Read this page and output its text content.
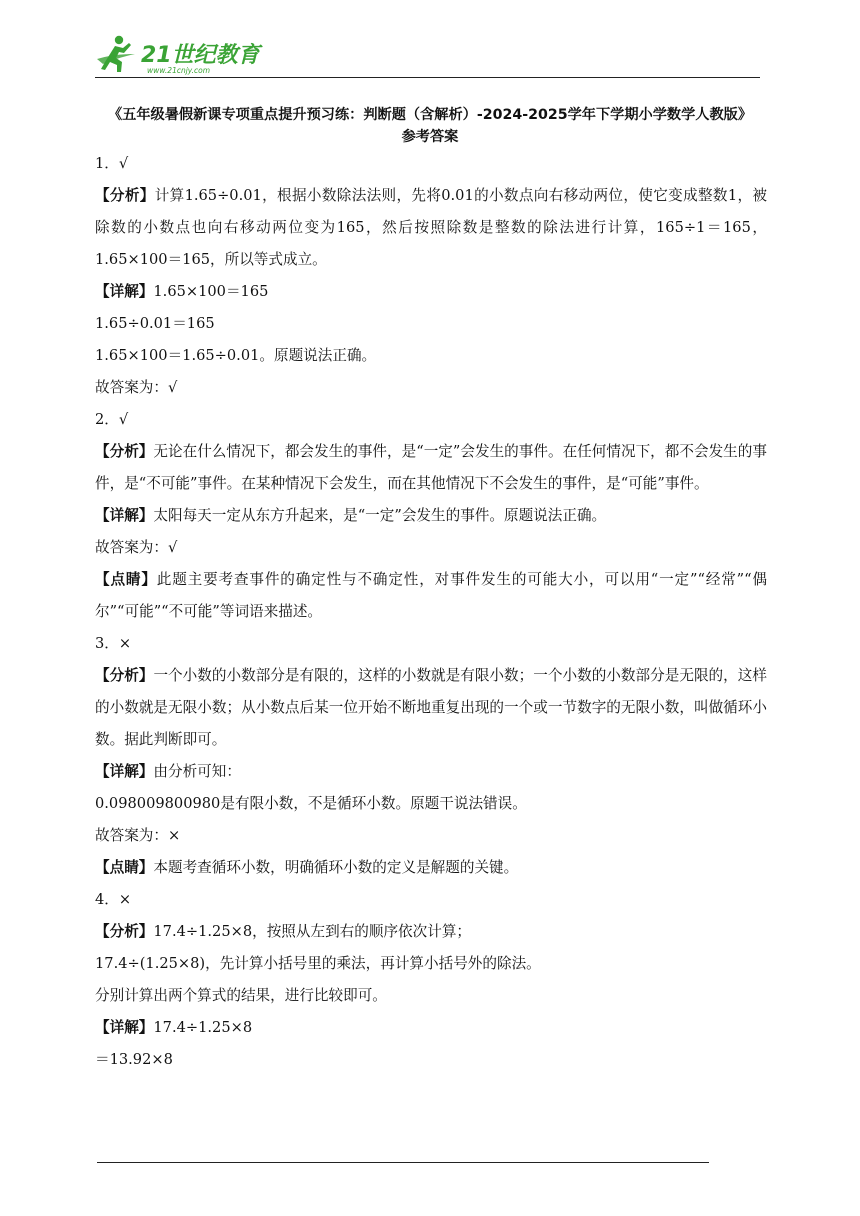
21世纪教育
www.21cnjy.com
《五年级暑假新课专项重点提升预习练：判断题（含解析）-2024-2025学年下学期小学数学人教版》
参考答案
1．√
【分析】计算1.65÷0.01，根据小数除法法则，先将0.01的小数点向右移动两位，使它变成整数1，被除数的小数点也向右移动两位变为165，然后按照除数是整数的除法进行计算，165÷1＝165，1.65×100＝165，所以等式成立。
【详解】1.65×100＝165
1.65÷0.01＝165
1.65×100＝1.65÷0.01。原题说法正确。
故答案为：√
2．√
【分析】无论在什么情况下，都会发生的事件，是“一定”会发生的事件。在任何情况下，都不会发生的事件，是“不可能”事件。在某种情况下会发生，而在其他情况下不会发生的事件，是“可能”事件。
【详解】太阳每天一定从东方升起来，是“一定”会发生的事件。原题说法正确。
故答案为：√
【点睛】此题主要考查事件的确定性与不确定性，对事件发生的可能大小，可以用“一定”“经常”“偶尔”“可能”“不可能”等词语来描述。
3．×
【分析】一个小数的小数部分是有限的，这样的小数就是有限小数；一个小数的小数部分是无限的，这样的小数就是无限小数；从小数点后某一位开始不断地重复出现的一个或一节数字的无限小数，叫做循环小数。据此判断即可。
【详解】由分析可知：
0.098009800980是有限小数，不是循环小数。原题干说法错误。
故答案为：×
【点睛】本题考查循环小数，明确循环小数的定义是解题的关键。
4．×
【分析】17.4÷1.25×8，按照从左到右的顺序依次计算；
17.4÷(1.25×8)，先计算小括号里的乘法，再计算小括号外的除法。
分别计算出两个算式的结果，进行比较即可。
【详解】17.4÷1.25×8
＝13.92×8
